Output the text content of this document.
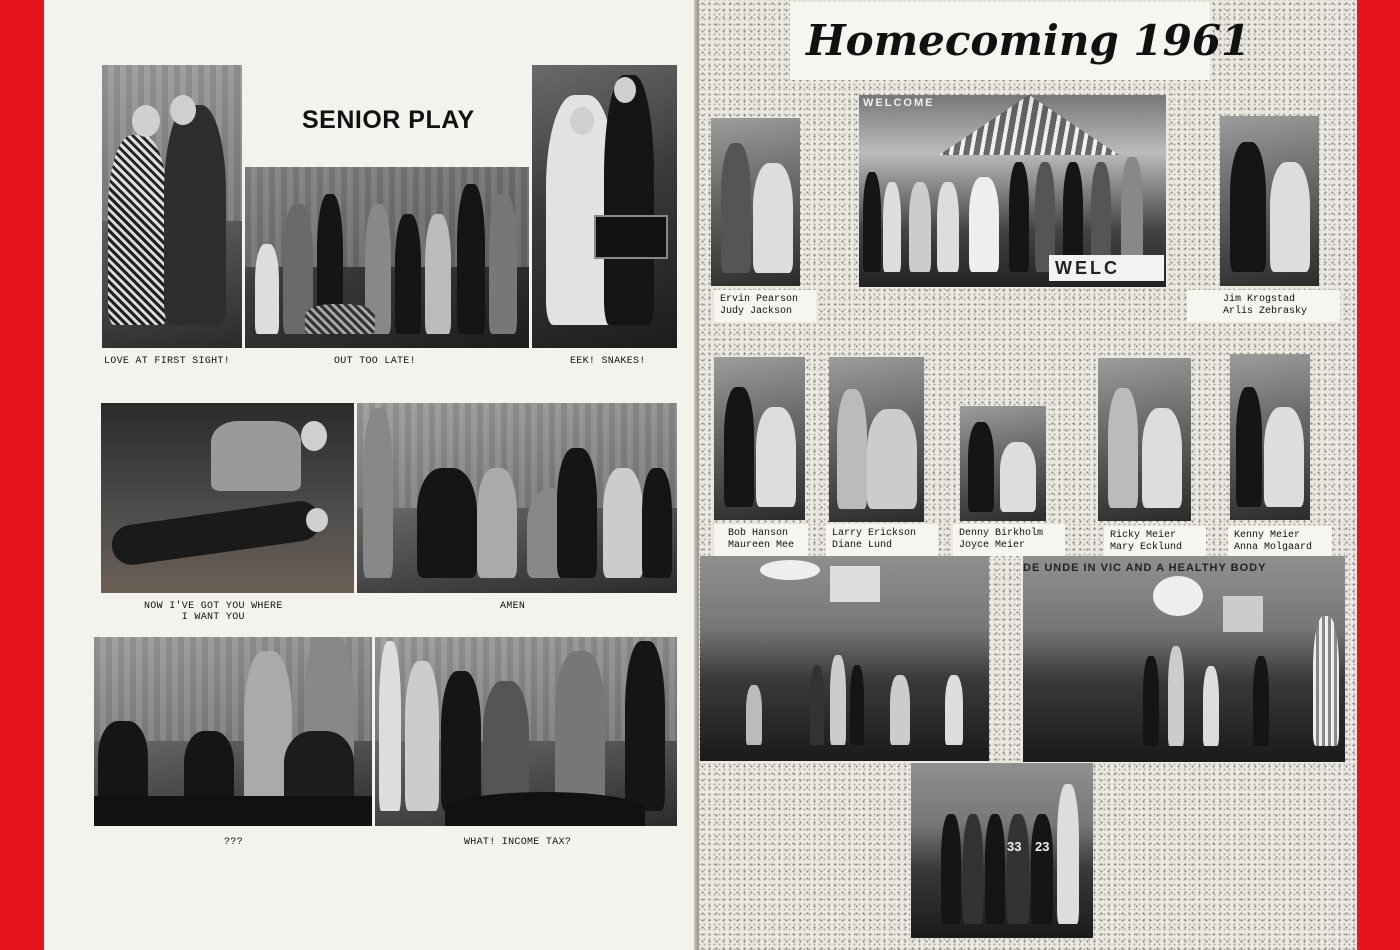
SENIOR PLAY
LOVE AT FIRST SIGHT!	OUT TOO LATE!	EEK! SNAKES!
NOW I'VE GOT YOU WHERE
I WANT YOU
AMEN
???	WHAT! INCOME TAX?
Homecoming 1961
WELCOME
WELC
Ervin Pearson
Judy Jackson
Jim Krogstad
Arlis Zebrasky
Bob Hanson
Maureen Mee
Larry Erickson
Diane Lund
Denny Birkholm
Joyce Meier
Ricky Meier
Mary Ecklund
Kenny Meier
Anna Molgaard
DE UNDE IN VIC AND A HEALTHY BODY
33 23
